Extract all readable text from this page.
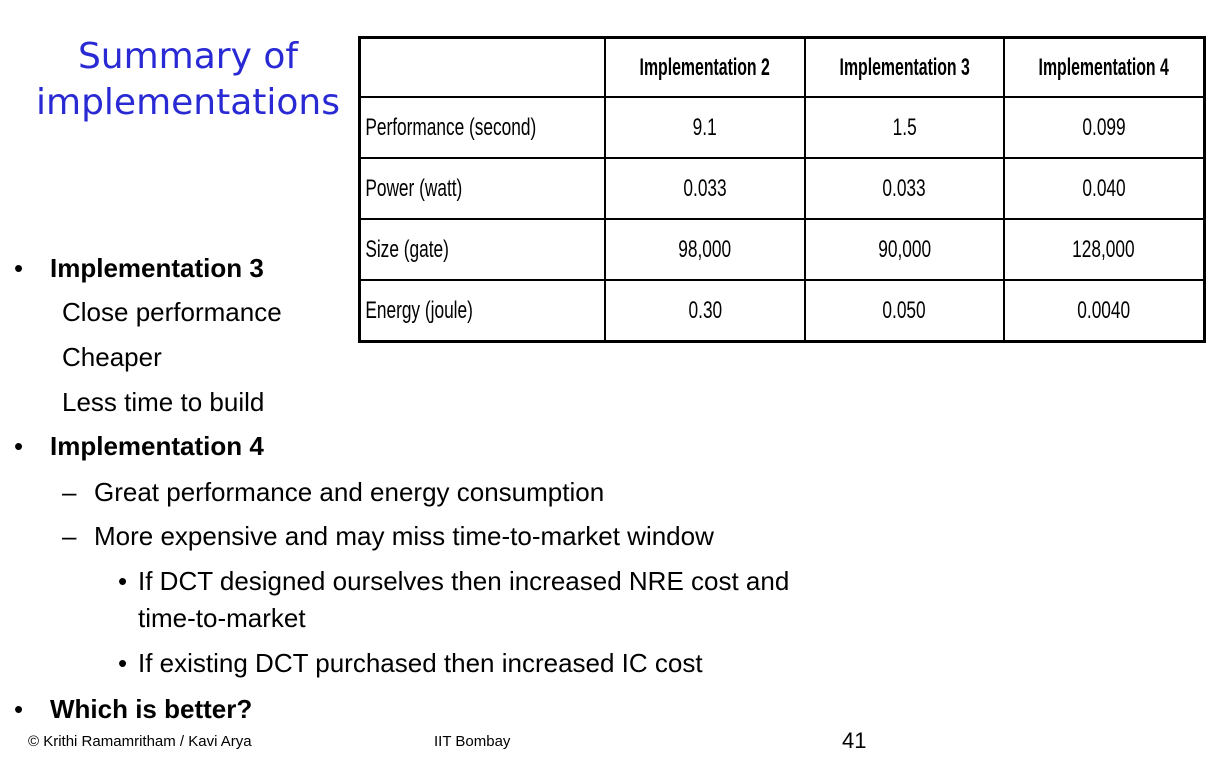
Summary of implementations
	Implementation 2	Implementation 3	Implementation 4
Performance (second)	9.1	1.5	0.099
Power (watt)	0.033	0.033	0.040
Size (gate)	98,000	90,000	128,000
Energy (joule)	0.30	0.050	0.0040
• Implementation 3
Close performance
Cheaper
Less time to build
• Implementation 4
– Great performance and energy consumption
– More expensive and may miss time-to-market window
• If DCT designed ourselves then increased NRE cost and
time-to-market
• If existing DCT purchased then increased IC cost
• Which is better?
© Krithi Ramamritham / Kavi Arya	IIT Bombay	41
